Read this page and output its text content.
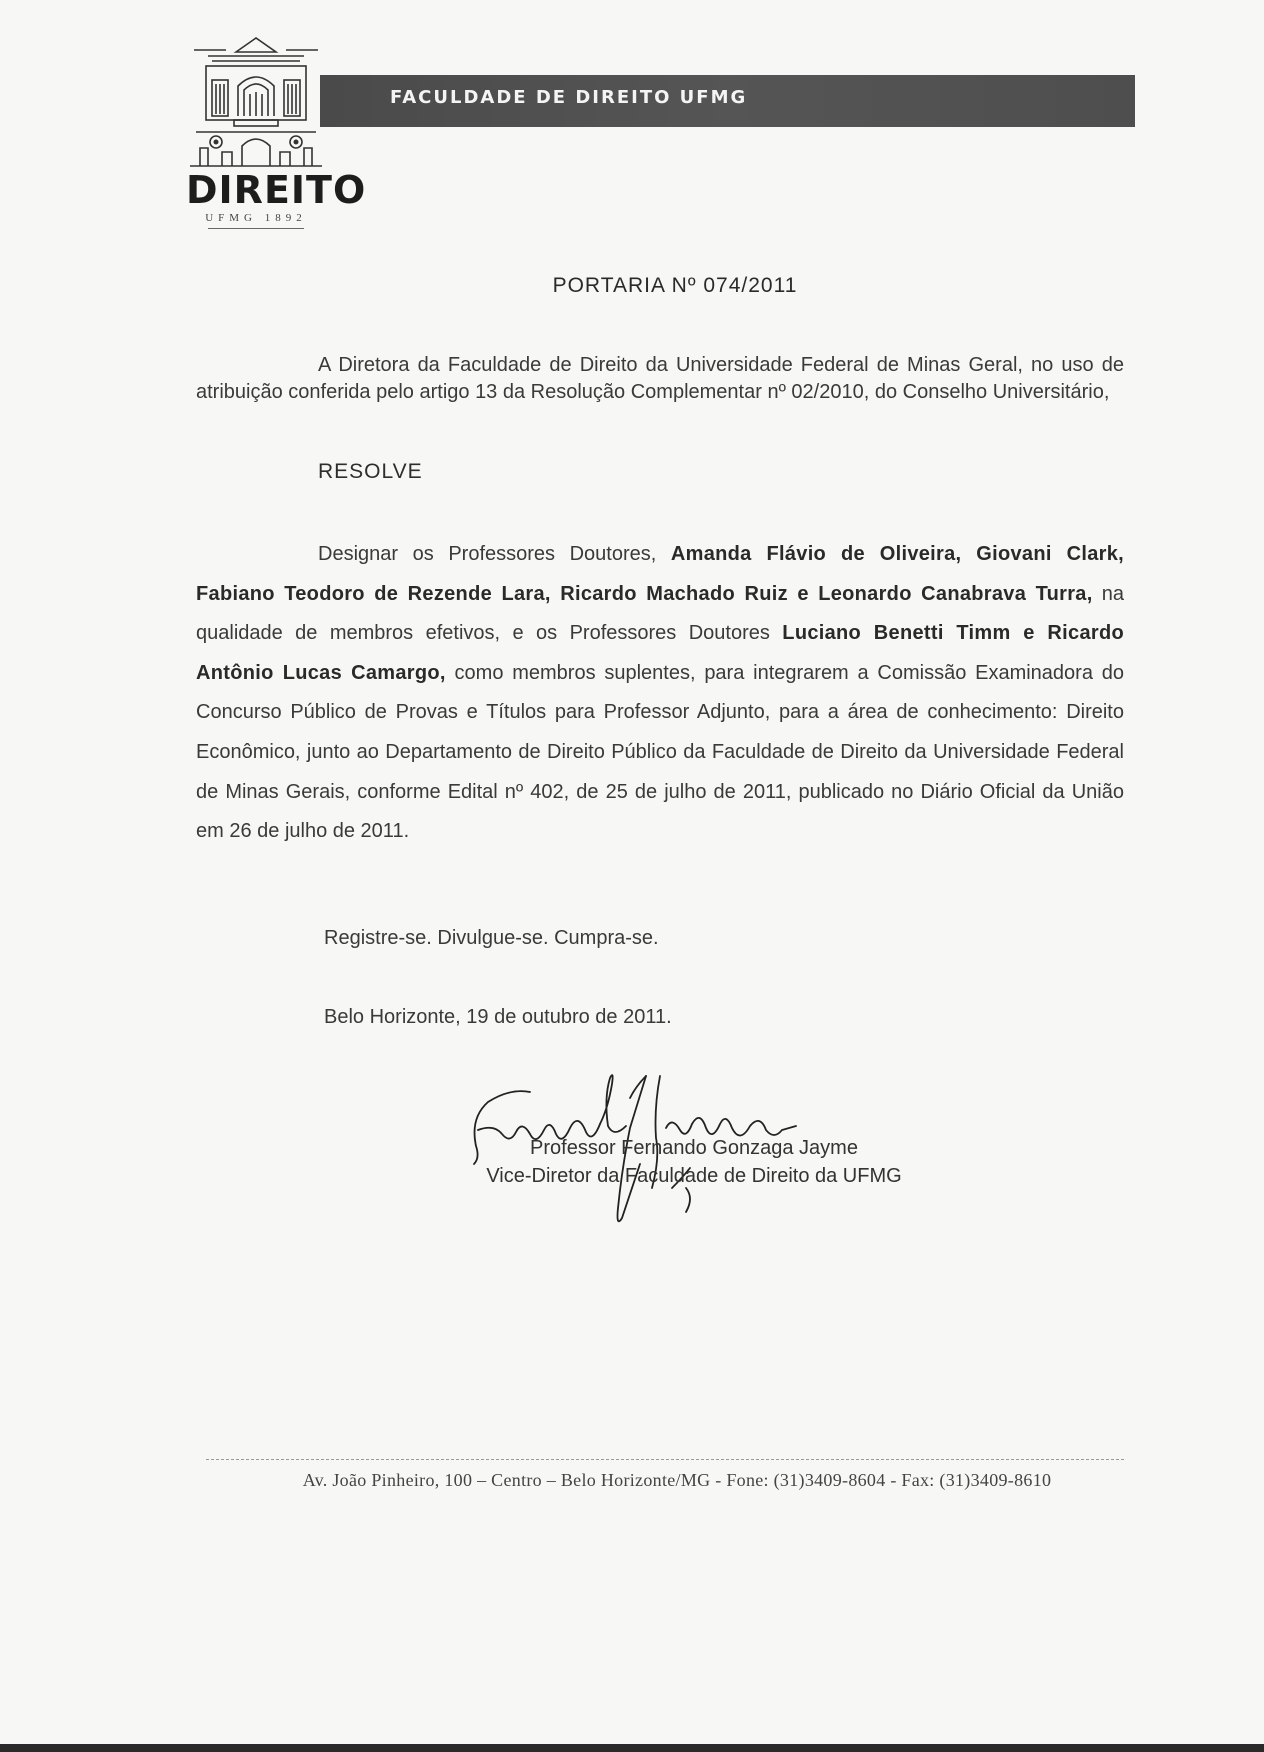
DIREITO
UFMG 1892
FACULDADE DE DIREITO UFMG
PORTARIA Nº 074/2011
A Diretora da Faculdade de Direito da Universidade Federal de Minas Geral, no uso de atribuição conferida pelo artigo 13 da Resolução Complementar nº 02/2010, do Conselho Universitário,
RESOLVE
Designar os Professores Doutores, Amanda Flávio de Oliveira, Giovani Clark, Fabiano Teodoro de Rezende Lara, Ricardo Machado Ruiz e Leonardo Canabrava Turra, na qualidade de membros efetivos, e os Professores Doutores Luciano Benetti Timm e Ricardo Antônio Lucas Camargo, como membros suplentes, para integrarem a Comissão Examinadora do Concurso Público de Provas e Títulos para Professor Adjunto, para a área de conhecimento: Direito Econômico, junto ao Departamento de Direito Público da Faculdade de Direito da Universidade Federal de Minas Gerais, conforme Edital nº 402, de 25 de julho de 2011, publicado no Diário Oficial da União em 26 de julho de 2011.
Registre-se. Divulgue-se. Cumpra-se.
Belo Horizonte, 19 de outubro de 2011.
Professor Fernando Gonzaga Jayme
Vice-Diretor da Faculdade de Direito da UFMG
Av. João Pinheiro, 100 – Centro – Belo Horizonte/MG - Fone: (31)3409-8604 - Fax: (31)3409-8610
